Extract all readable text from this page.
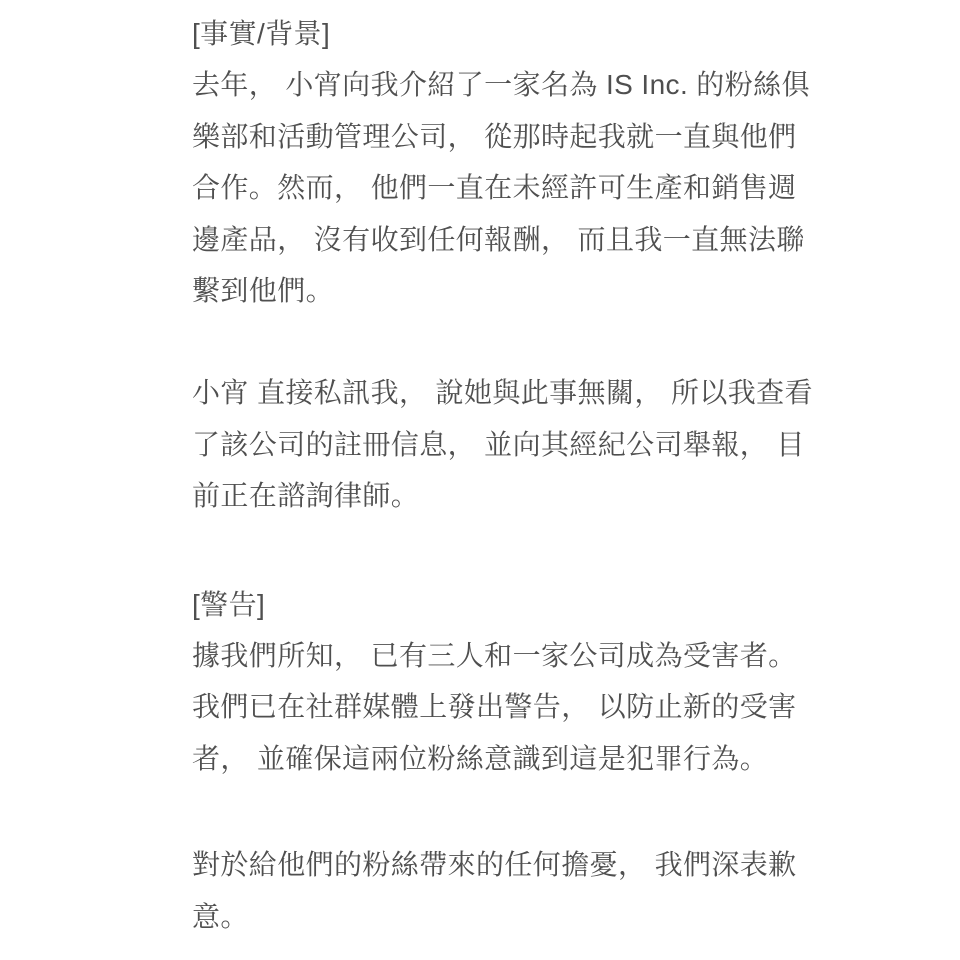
[事實/背景]
去年， 小宵向我介紹了一家名為 IS Inc. 的粉絲俱
樂部和活動管理公司， 從那時起我就一直與他們
合作。然而， 他們一直在未經許可生產和銷售週
邊產品， 沒有收到任何報酬， 而且我一直無法聯
繫到他們。
小宵 直接私訊我， 說她與此事無關， 所以我查看
了該公司的註冊信息， 並向其經紀公司舉報， 目
前正在諮詢律師。
[警告]
據我們所知， 已有三人和一家公司成為受害者。
我們已在社群媒體上發出警告， 以防止新的受害
者， 並確保這兩位粉絲意識到這是犯罪行為。
對於給他們的粉絲帶來的任何擔憂， 我們深表歉
意。
